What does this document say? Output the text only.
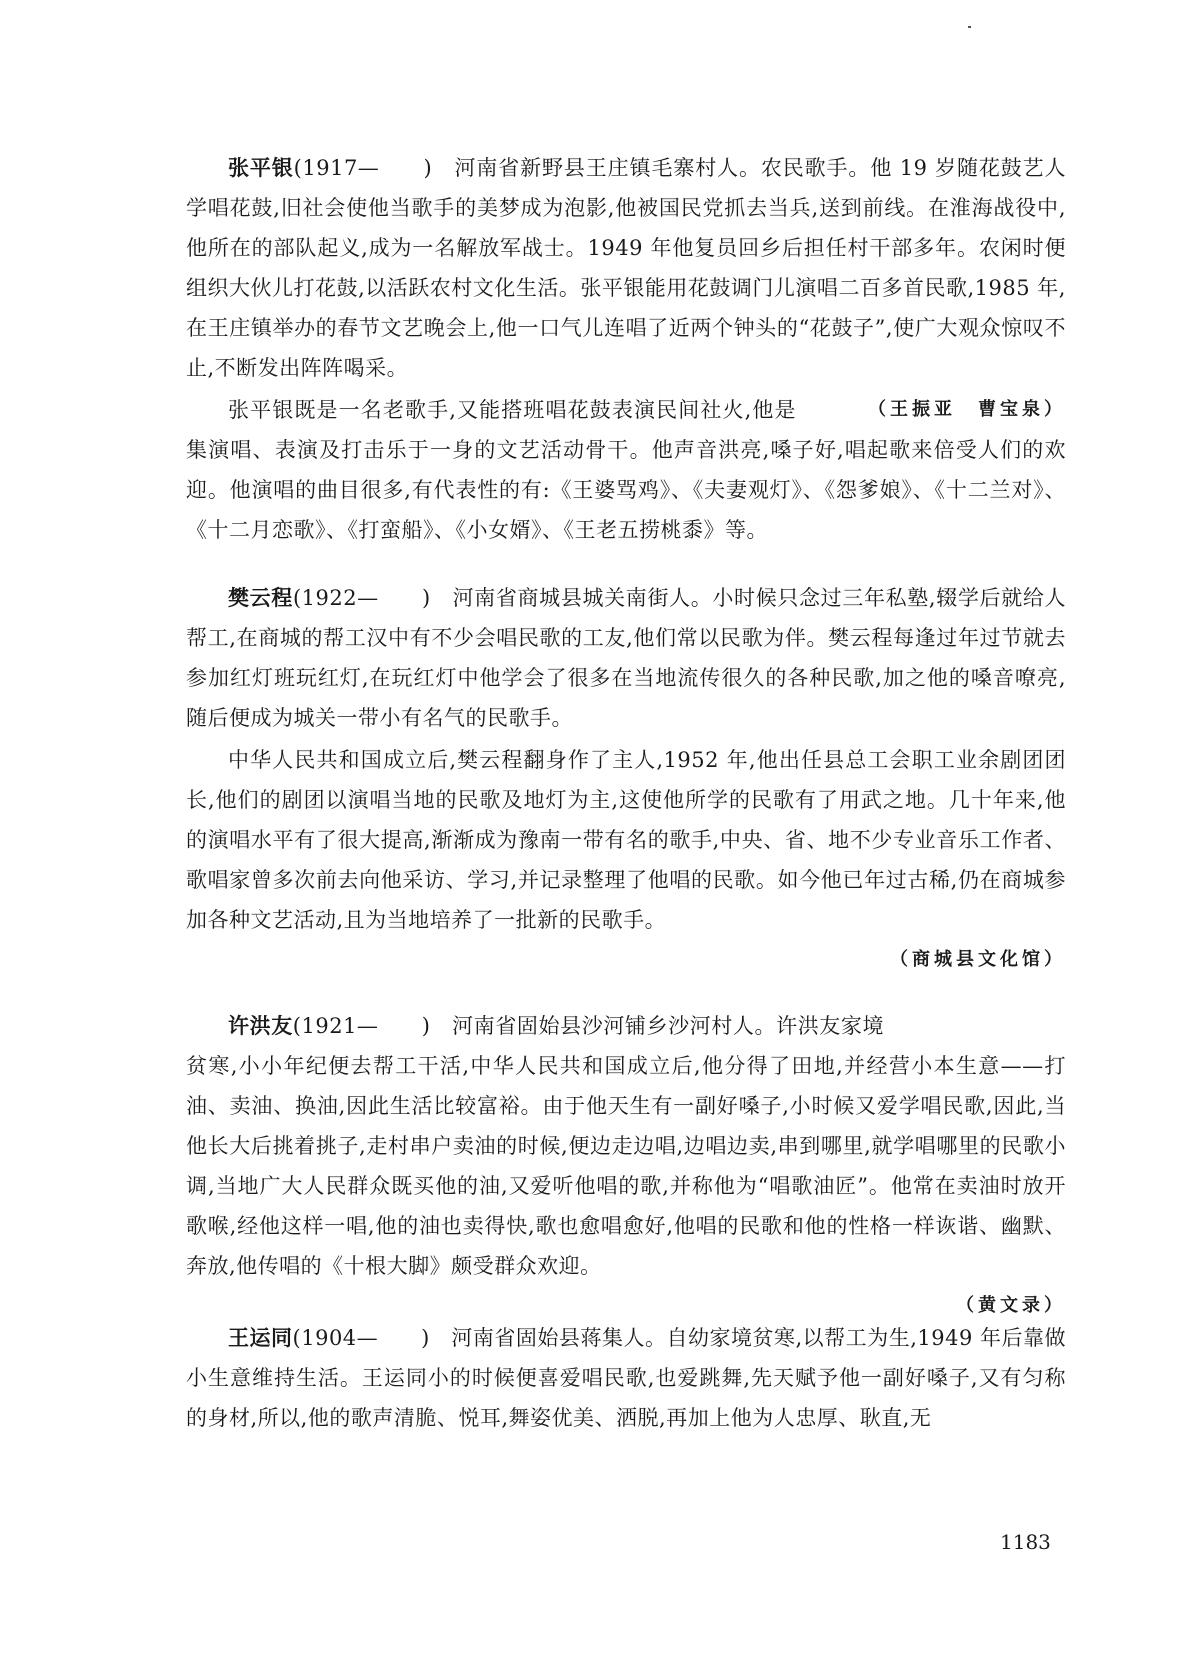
张平银(1917—　　)　 河南省新野县王庄镇毛寨村人。农民歌手。他 19 岁随花鼓艺人学唱花鼓,旧社会使他当歌手的美梦成为泡影,他被国民党抓去当兵,送到前线。在淮海战役中,他所在的部队起义,成为一名解放军战士。1949 年他复员回乡后担任村干部多年。农闲时便组织大伙儿打花鼓,以活跃农村文化生活。张平银能用花鼓调门儿演唱二百多首民歌,1985 年,在王庄镇举办的春节文艺晚会上,他一口气儿连唱了近两个钟头的“花鼓子”,使广大观众惊叹不止,不断发出阵阵喝采。

（王振亚　曹宝泉）
张平银既是一名老歌手,又能搭班唱花鼓表演民间社火,他是集演唱、表演及打击乐于一身的文艺活动骨干。他声音洪亮,嗓子好,唱起歌来倍受人们的欢迎。他演唱的曲目很多,有代表性的有:《王婆骂鸡》、《夫妻观灯》、《怨爹娘》、《十二兰对》、《十二月恋歌》、《打蛮船》、《小女婿》、《王老五捞桃黍》等。

樊云程(1922—　　)　 河南省商城县城关南街人。小时候只念过三年私塾,辍学后就给人帮工,在商城的帮工汉中有不少会唱民歌的工友,他们常以民歌为伴。樊云程每逢过年过节就去参加红灯班玩红灯,在玩红灯中他学会了很多在当地流传很久的各种民歌,加之他的嗓音嘹亮,随后便成为城关一带小有名气的民歌手。

中华人民共和国成立后,樊云程翻身作了主人,1952 年,他出任县总工会职工业余剧团团长,他们的剧团以演唱当地的民歌及地灯为主,这使他所学的民歌有了用武之地。几十年来,他的演唱水平有了很大提高,渐渐成为豫南一带有名的歌手,中央、省、地不少专业音乐工作者、歌唱家曾多次前去向他采访、学习,并记录整理了他唱的民歌。如今他已年过古稀,仍在商城参加各种文艺活动,且为当地培养了一批新的民歌手。

（商城县文化馆）

（黄文录）
许洪友(1921—　　)　 河南省固始县沙河铺乡沙河村人。许洪友家境贫寒,小小年纪便去帮工干活,中华人民共和国成立后,他分得了田地,并经营小本生意——打油、卖油、换油,因此生活比较富裕。由于他天生有一副好嗓子,小时候又爱学唱民歌,因此,当他长大后挑着挑子,走村串户卖油的时候,便边走边唱,边唱边卖,串到哪里,就学唱哪里的民歌小调,当地广大人民群众既买他的油,又爱听他唱的歌,并称他为“唱歌油匠”。他常在卖油时放开歌喉,经他这样一唱,他的油也卖得快,歌也愈唱愈好,他唱的民歌和他的性格一样诙谐、幽默、奔放,他传唱的《十根大脚》颇受群众欢迎。

王运同(1904—　　)　 河南省固始县蒋集人。自幼家境贫寒,以帮工为生,1949 年后靠做小生意维持生活。王运同小的时候便喜爱唱民歌,也爱跳舞,先天赋予他一副好嗓子,又有匀称的身材,所以,他的歌声清脆、悦耳,舞姿优美、洒脱,再加上他为人忠厚、耿直,无

1183
